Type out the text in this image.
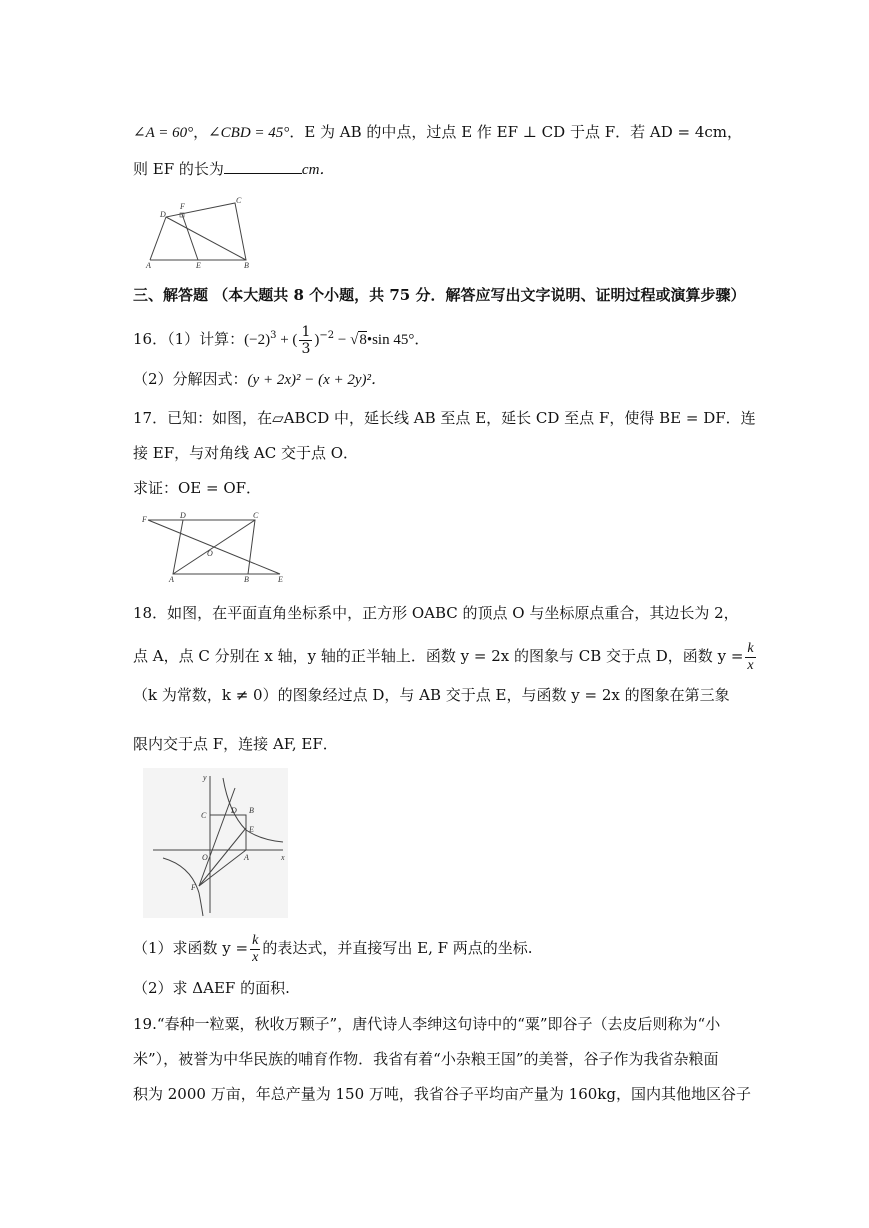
∠A = 60°，∠CBD = 45°．E 为 AB 的中点，过点 E 作 EF ⊥ CD 于点 F．若 AD = 4cm，
则 EF 的长为	cm．
A	E	B
C
D
F
三、解答题 （本大题共 8 个小题，共 75 分．解答应写出文字说明、证明过程或演算步骤）
16．（1）计算：$(-2)^3$ + ( $\frac{1}{3} )^{-2}$ − √8•sin 45°．
（2）分解因式：(y + 2x)² − (x + 2y)²．
17．已知：如图，在▱ABCD 中，延长线 AB 至点 E，延长 CD 至点 F，使得 BE = DF．连
接 EF，与对角线 AC 交于点 O．
求证：OE = OF．
F	D	C
O
A	B	E
18．如图，在平面直角坐标系中，正方形 OABC 的顶点 O 与坐标原点重合，其边长为 2，
点 A，点 C 分别在 x 轴，y 轴的正半轴上．函数 y = 2x 的图象与 CB 交于点 D，函数 $y = \frac{k}{x}$
（k 为常数，k ≠ 0）的图象经过点 D，与 AB 交于点 E，与函数 y = 2x 的图象在第三象
限内交于点 F，连接 AF, EF．
y
x
C
D B
E
O	A
F
（1）求函数 $y = \frac{k}{x}$ 的表达式，并直接写出 E, F 两点的坐标.
（2）求 ΔAEF 的面积.
19.“春种一粒粟，秋收万颗子”，唐代诗人李绅这句诗中的“粟”即谷子（去皮后则称为“小
米”），被誉为中华民族的哺育作物．我省有着“小杂粮王国”的美誉，谷子作为我省杂粮面
积为 2000 万亩，年总产量为 150 万吨，我省谷子平均亩产量为 160kg，国内其他地区谷子
